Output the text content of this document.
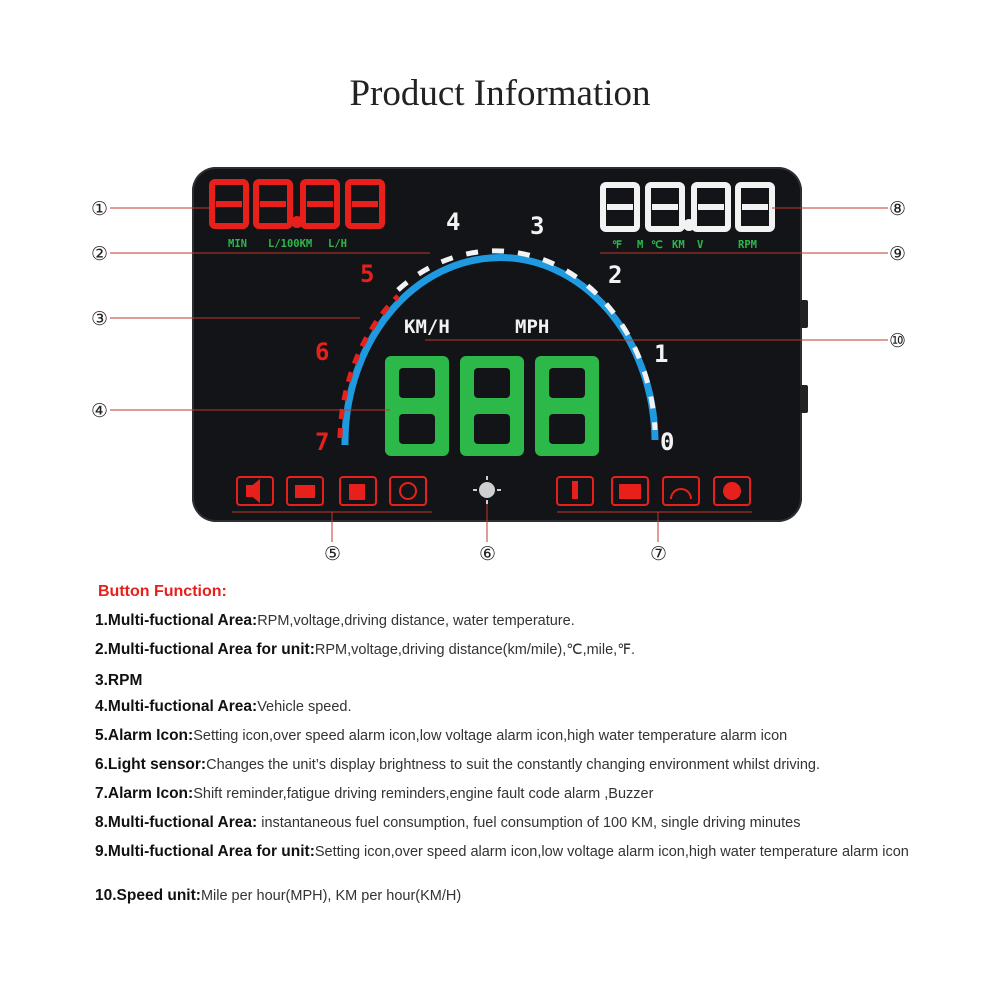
Product Information
MIN L/100KM L/H	℉ M ℃ KM V	RPM
0
1
2
3
4
5
6
7
KM/H	MPH
①
②
③
④
⑤	⑥	⑦
⑧
⑨
⑩
Button Function:
1.Multi-fuctional Area:RPM,voltage,driving distance, water temperature.
2.Multi-fuctional Area for unit:RPM,voltage,driving distance(km/mile),℃,mile,℉.
3.RPM
4.Multi-fuctional Area:Vehicle speed.
5.Alarm Icon:Setting icon,over speed alarm icon,low voltage alarm icon,high water temperature alarm icon
6.Light sensor:Changes the unit’s display brightness to suit the constantly changing environment whilst driving.
7.Alarm Icon:Shift reminder,fatigue driving reminders,engine fault code alarm ,Buzzer
8.Multi-fuctional Area: instantaneous fuel consumption, fuel consumption of 100 KM, single driving minutes
9.Multi-fuctional Area for unit:Setting icon,over speed alarm icon,low voltage alarm icon,high water temperature alarm icon
10.Speed unit:Mile per hour(MPH), KM per hour(KM/H)
